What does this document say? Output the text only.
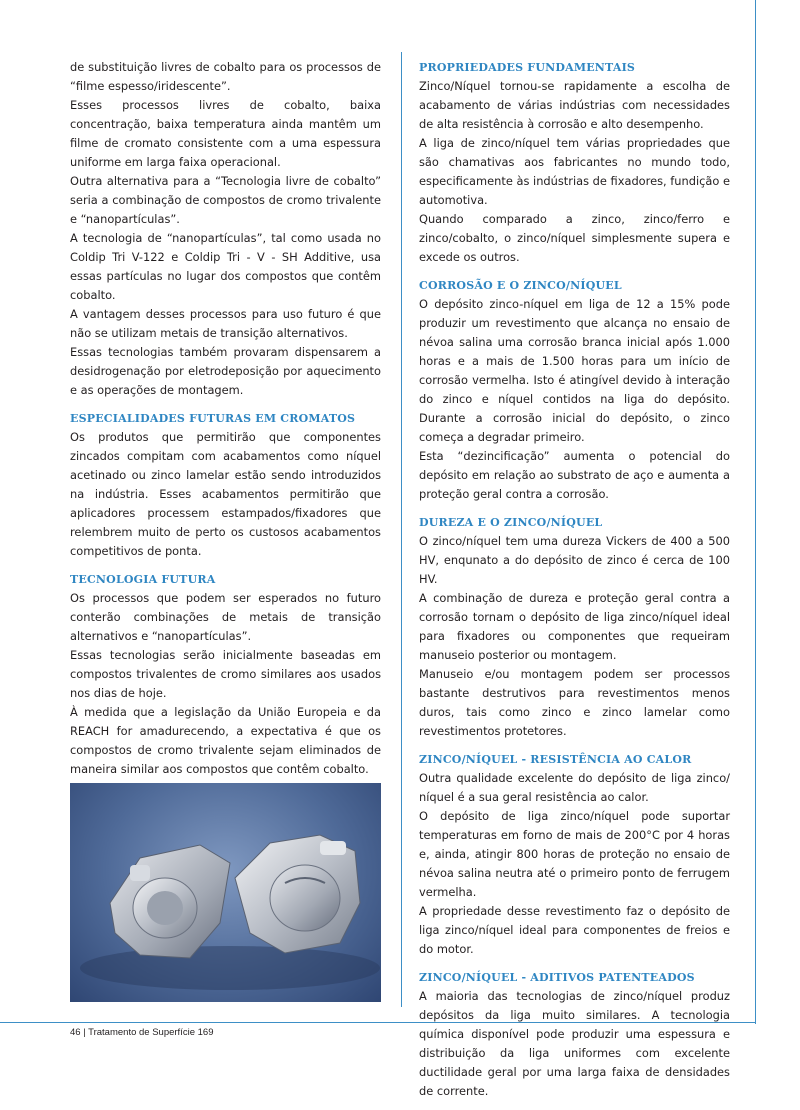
de substituição livres de cobalto para os processos de “filme espesso/iridescente”.

Esses processos livres de cobalto, baixa concentração, baixa temperatura ainda mantêm um filme de cromato consistente com a uma espessura uniforme em larga faixa operacional.

Outra alternativa para a “Tecnologia livre de cobalto” seria a combinação de compostos de cromo trivalente e “nanopartículas”.

A tecnologia de “nanopartículas”, tal como usada no Coldip Tri V-122 e Coldip Tri - V - SH Additive, usa essas partículas no lugar dos compostos que contêm cobalto.

A vantagem desses processos para uso futuro é que não se utilizam metais de transição alternativos.

Essas tecnologias também provaram dispensarem a desidrogenação por eletrodeposição por aquecimento e as operações de montagem.

ESPECIALIDADES FUTURAS EM CROMATOS

Os produtos que permitirão que componentes zincados compitam com acabamentos como níquel acetinado ou zinco lamelar estão sendo introduzidos na indústria. Esses acabamentos permitirão que aplicadores processem estampados/fixadores que relembrem muito de perto os custosos acabamentos competitivos de ponta.

TECNOLOGIA FUTURA

Os processos que podem ser esperados no futuro conterão combinações de metais de transição alternativos e “nanopartículas”.

Essas tecnologias serão inicialmente baseadas em compostos trivalentes de cromo similares aos usados nos dias de hoje.

À medida que a legislação da União Europeia e da REACH for amadurecendo, a expectativa é que os compostos de cromo trivalente sejam eliminados de maneira similar aos compostos que contêm cobalto.

PROPRIEDADES FUNDAMENTAIS

Zinco/Níquel tornou-se rapidamente a escolha de acabamento de várias indústrias com necessidades de alta resistência à corrosão e alto desempenho.

A liga de zinco/níquel tem várias propriedades que são chamativas aos fabricantes no mundo todo, especificamente às indústrias de fixadores, fundição e automotiva.

Quando comparado a zinco, zinco/ferro e zinco/cobalto, o zinco/níquel simplesmente supera e excede os outros.

CORROSÃO E O ZINCO/NÍQUEL

O depósito zinco-níquel em liga de 12 a 15% pode produzir um revestimento que alcança no ensaio de névoa salina uma corrosão branca inicial após 1.000 horas e a mais de 1.500 horas para um início de corrosão vermelha. Isto é atingível devido à interação do zinco e níquel contidos na liga do depósito. Durante a corrosão inicial do depósito, o zinco começa a degradar primeiro.

Esta “dezincificação” aumenta o potencial do depósito em relação ao substrato de aço e aumenta a proteção geral contra a corrosão.

DUREZA E O ZINCO/NÍQUEL

O zinco/níquel tem uma dureza Vickers de 400 a 500 HV, enqunato a do depósito de zinco é cerca de 100 HV.

A combinação de dureza e proteção geral contra a corrosão tornam o depósito de liga zinco/níquel ideal para fixadores ou componentes que requeiram manuseio posterior ou montagem.

Manuseio e/ou montagem podem ser processos bastante destrutivos para revestimentos menos duros, tais como zinco e zinco lamelar como revestimentos protetores.

ZINCO/NÍQUEL - RESISTÊNCIA AO CALOR

Outra qualidade excelente do depósito de liga zinco/ níquel é a sua geral resistência ao calor.

O depósito de liga zinco/níquel pode suportar temperaturas em forno de mais de 200°C por 4 horas e, ainda, atingir 800 horas de proteção no ensaio de névoa salina neutra até o primeiro ponto de ferrugem vermelha.

A propriedade desse revestimento faz o depósito de liga zinco/níquel ideal para componentes de freios e do motor.

ZINCO/NÍQUEL - ADITIVOS PATENTEADOS

A maioria das tecnologias de zinco/níquel produz depósitos da liga muito similares. A tecnologia química disponível pode produzir uma espessura e distribuição da liga uniformes com excelente ductilidade geral por uma larga faixa de densidades de corrente.

46 | Tratamento de Superfície 169
